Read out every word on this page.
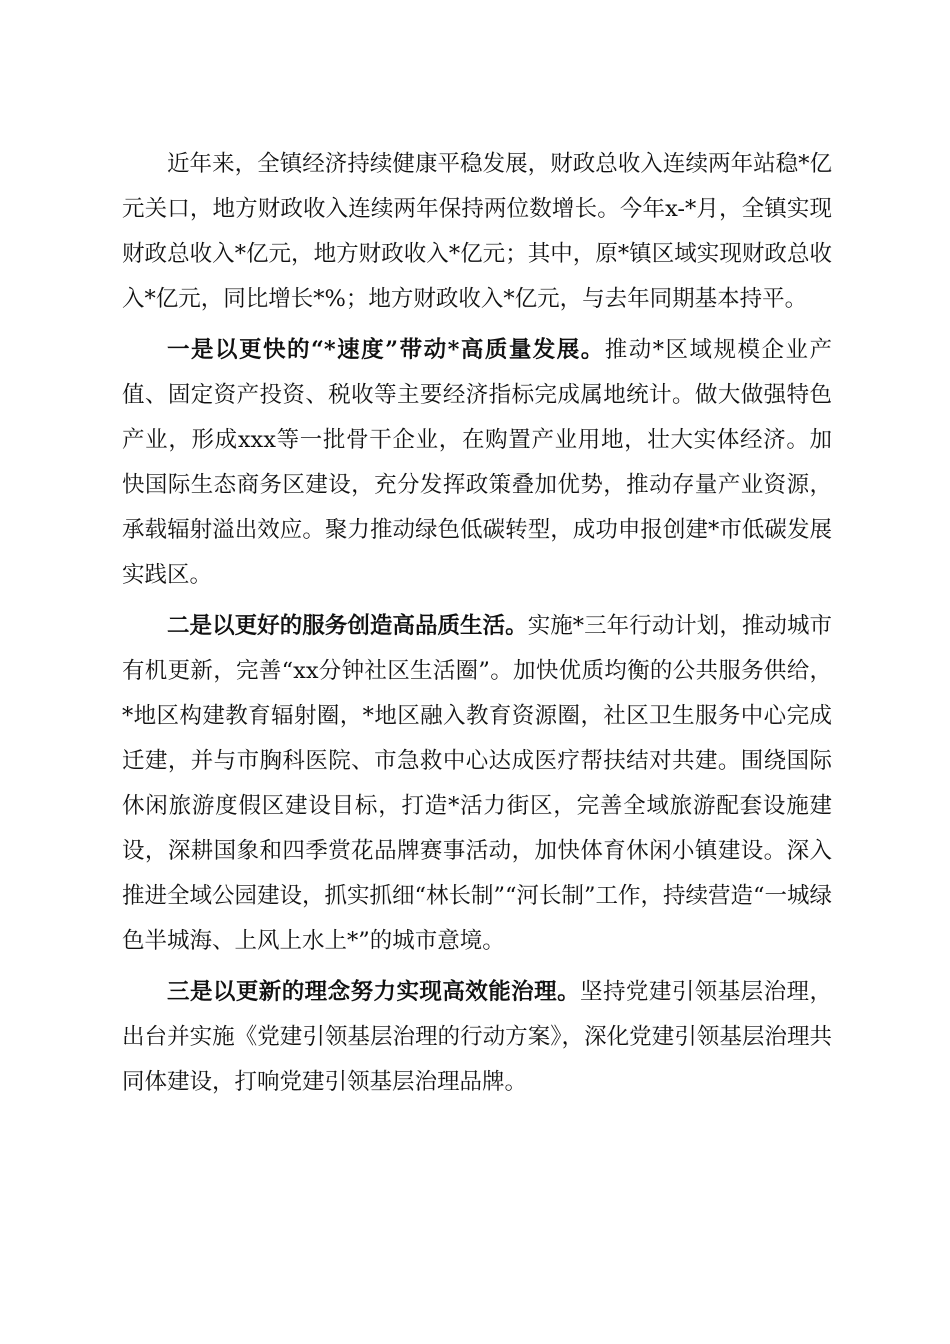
近年来，全镇经济持续健康平稳发展，财政总收入连续两年站稳*亿元关口，地方财政收入连续两年保持两位数增长。今年x-*月，全镇实现财政总收入*亿元，地方财政收入*亿元；其中，原*镇区域实现财政总收入*亿元，同比增长*%；地方财政收入*亿元，与去年同期基本持平。

一是以更快的“*速度”带动*高质量发展。推动*区域规模企业产值、固定资产投资、税收等主要经济指标完成属地统计。做大做强特色产业，形成xxx等一批骨干企业，在购置产业用地，壮大实体经济。加快国际生态商务区建设，充分发挥政策叠加优势，推动存量产业资源，承载辐射溢出效应。聚力推动绿色低碳转型，成功申报创建*市低碳发展实践区。

二是以更好的服务创造高品质生活。实施*三年行动计划，推动城市有机更新，完善“xx分钟社区生活圈”。加快优质均衡的公共服务供给，*地区构建教育辐射圈，*地区融入教育资源圈，社区卫生服务中心完成迁建，并与市胸科医院、市急救中心达成医疗帮扶结对共建。围绕国际休闲旅游度假区建设目标，打造*活力街区，完善全域旅游配套设施建设，深耕国象和四季赏花品牌赛事活动，加快体育休闲小镇建设。深入推进全域公园建设，抓实抓细“林长制”“河长制”工作，持续营造“一城绿色半城海、上风上水上*”的城市意境。

三是以更新的理念努力实现高效能治理。坚持党建引领基层治理，出台并实施《党建引领基层治理的行动方案》，深化党建引领基层治理共同体建设，打响党建引领基层治理品牌。
